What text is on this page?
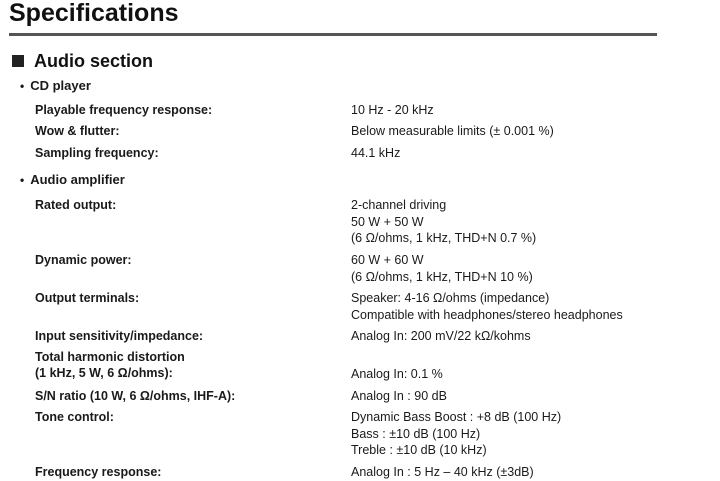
Specifications
Audio section
• CD player
Playable frequency response:	10 Hz - 20 kHz
Wow & flutter:	Below measurable limits (± 0.001 %)
Sampling frequency:	44.1 kHz
• Audio amplifier
Rated output:	2-channel driving
50 W + 50 W
(6 Ω/ohms, 1 kHz, THD+N 0.7 %)
Dynamic power:	60 W + 60 W
(6 Ω/ohms, 1 kHz, THD+N 10 %)
Output terminals:	Speaker: 4-16 Ω/ohms (impedance)
Compatible with headphones/stereo headphones
Input sensitivity/impedance:	Analog In: 200 mV/22 kΩ/kohms
Total harmonic distortion
(1 kHz, 5 W, 6 Ω/ohms):	Analog In: 0.1 %
S/N ratio (10 W, 6 Ω/ohms, IHF-A):	Analog In : 90 dB
Tone control:	Dynamic Bass Boost : +8 dB (100 Hz)
Bass : ±10 dB (100 Hz)
Treble : ±10 dB (10 kHz)
Frequency response:	Analog In : 5 Hz – 40 kHz (±3dB)
